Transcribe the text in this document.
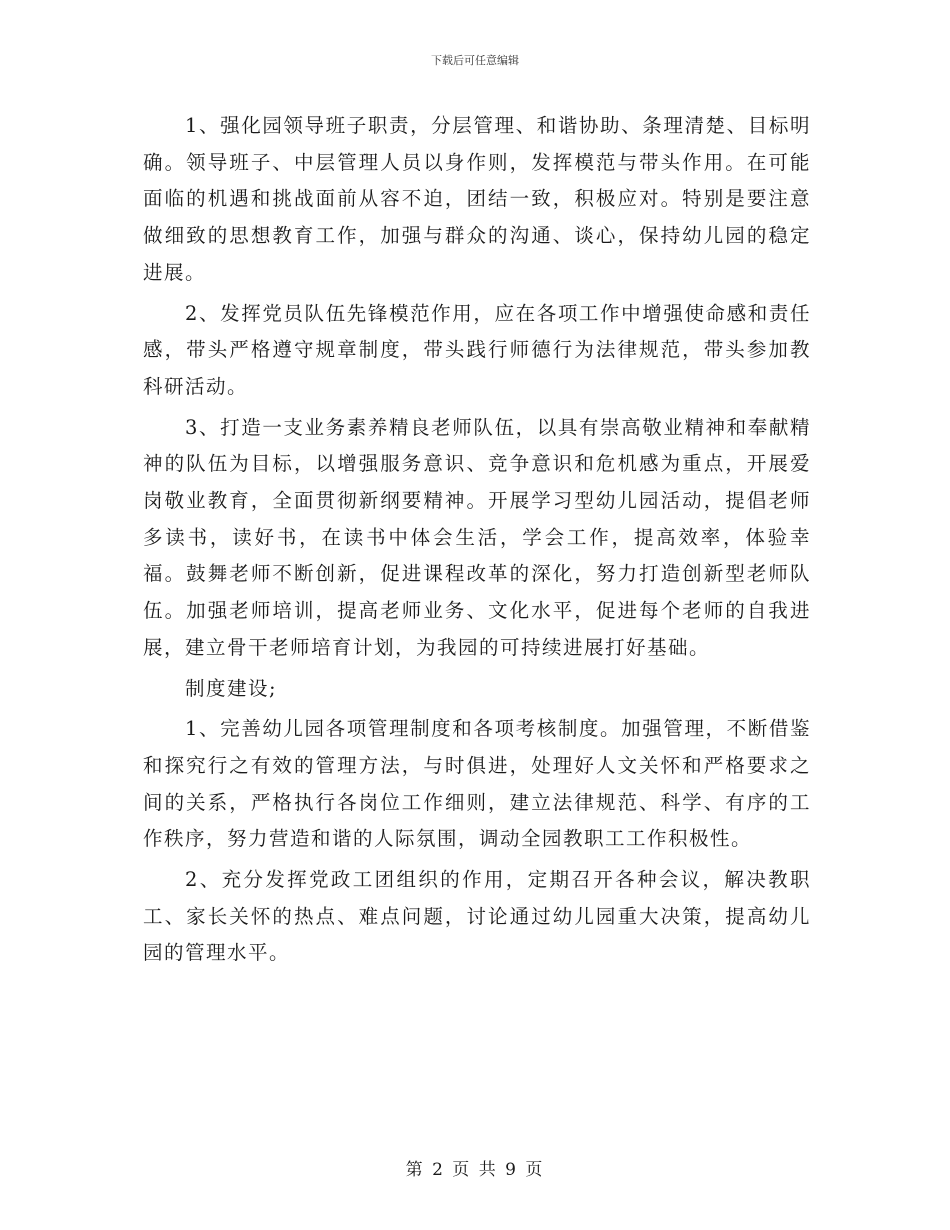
下载后可任意编辑

1、强化园领导班子职责，分层管理、和谐协助、条理清楚、目标明确。领导班子、中层管理人员以身作则，发挥模范与带头作用。在可能面临的机遇和挑战面前从容不迫，团结一致，积极应对。特别是要注意做细致的思想教育工作，加强与群众的沟通、谈心，保持幼儿园的稳定进展。

2、发挥党员队伍先锋模范作用，应在各项工作中增强使命感和责任感，带头严格遵守规章制度，带头践行师德行为法律规范，带头参加教科研活动。

3、打造一支业务素养精良老师队伍，以具有崇高敬业精神和奉献精神的队伍为目标，以增强服务意识、竞争意识和危机感为重点，开展爱岗敬业教育，全面贯彻新纲要精神。开展学习型幼儿园活动，提倡老师多读书，读好书，在读书中体会生活，学会工作，提高效率，体验幸福。鼓舞老师不断创新，促进课程改革的深化，努力打造创新型老师队伍。加强老师培训，提高老师业务、文化水平，促进每个老师的自我进展，建立骨干老师培育计划，为我园的可持续进展打好基础。

制度建设;

1、完善幼儿园各项管理制度和各项考核制度。加强管理，不断借鉴和探究行之有效的管理方法，与时俱进，处理好人文关怀和严格要求之间的关系，严格执行各岗位工作细则，建立法律规范、科学、有序的工作秩序，努力营造和谐的人际氛围，调动全园教职工工作积极性。

2、充分发挥党政工团组织的作用，定期召开各种会议，解决教职工、家长关怀的热点、难点问题，讨论通过幼儿园重大决策，提高幼儿园的管理水平。

第 2 页 共 9 页
